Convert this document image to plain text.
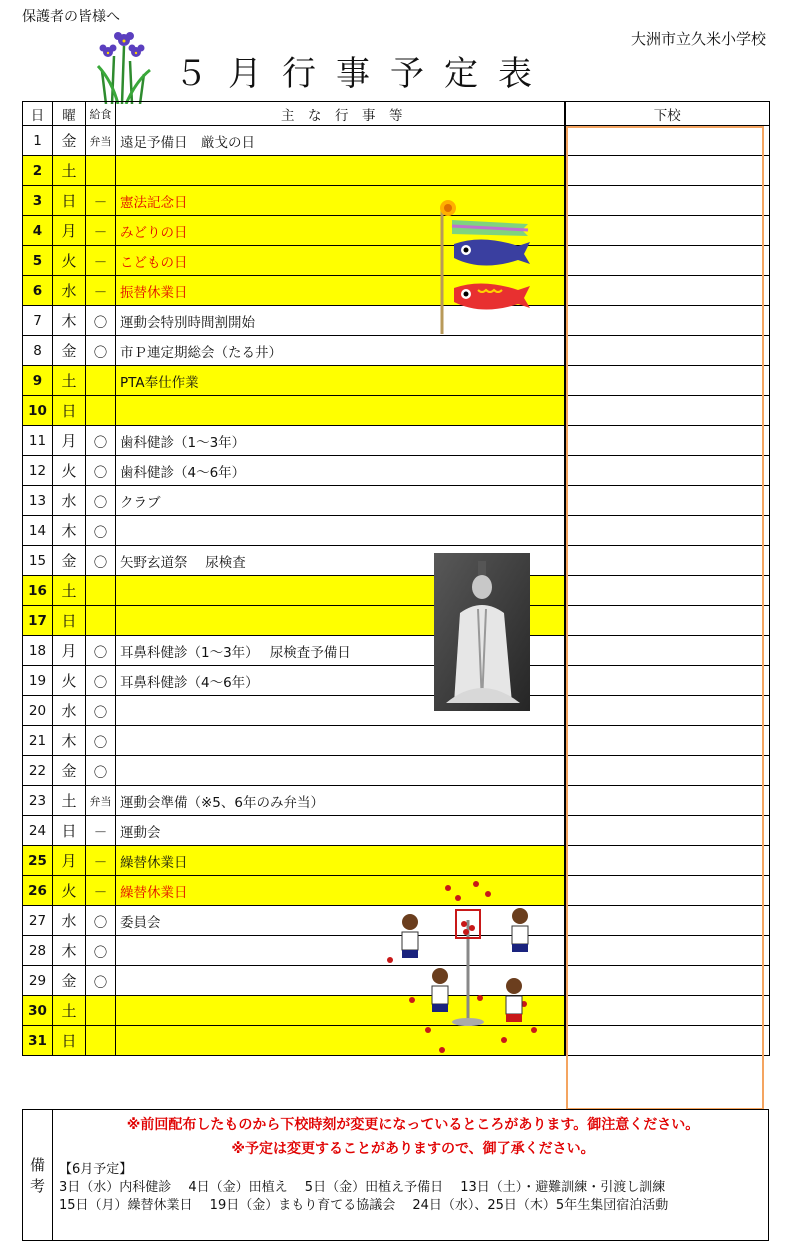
保護者の皆様へ
大洲市立久米小学校
５月行事予定表
日	曜	給食	主　な　行　事　等	下校
1	金	弁当	遠足予備日　厳戈の日	
2	土			
3	日	－	憲法記念日	
4	月	－	みどりの日	
5	火	－	こどもの日	
6	水	－	振替休業日	
7	木	〇	運動会特別時間割開始	
8	金	〇	市Ｐ連定期総会（たる井）	
9	土		PTA奉仕作業	
10	日			
11	月	〇	歯科健診（1～3年）	
12	火	〇	歯科健診（4～6年）	
13	水	〇	クラブ	
14	木	〇		
15	金	〇	矢野玄道祭　 尿検査	
16	土			
17	日			
18	月	〇	耳鼻科健診（1～3年）　 尿検査予備日	
19	火	〇	耳鼻科健診（4～6年）	
20	水	〇		
21	木	〇		
22	金	〇		
23	土	弁当	運動会準備（※5、6年のみ弁当）	
24	日	－	運動会	
25	月	－	繰替休業日	
26	火	－	繰替休業日	
27	水	〇	委員会	
28	木	〇		
29	金	〇		
30	土			
31	日			
備
考
※前回配布したものから下校時刻が変更になっているところがあります。御注意ください。
※予定は変更することがありますので、御了承ください。
【6月予定】
3日（水）内科健診　 4日（金）田植え　 5日（金）田植え予備日　 13日（土）・避難訓練・引渡し訓練
15日（月）繰替休業日　 19日（金）まもり育てる協議会　 24日（水）、25日（木）5年生集団宿泊活動
